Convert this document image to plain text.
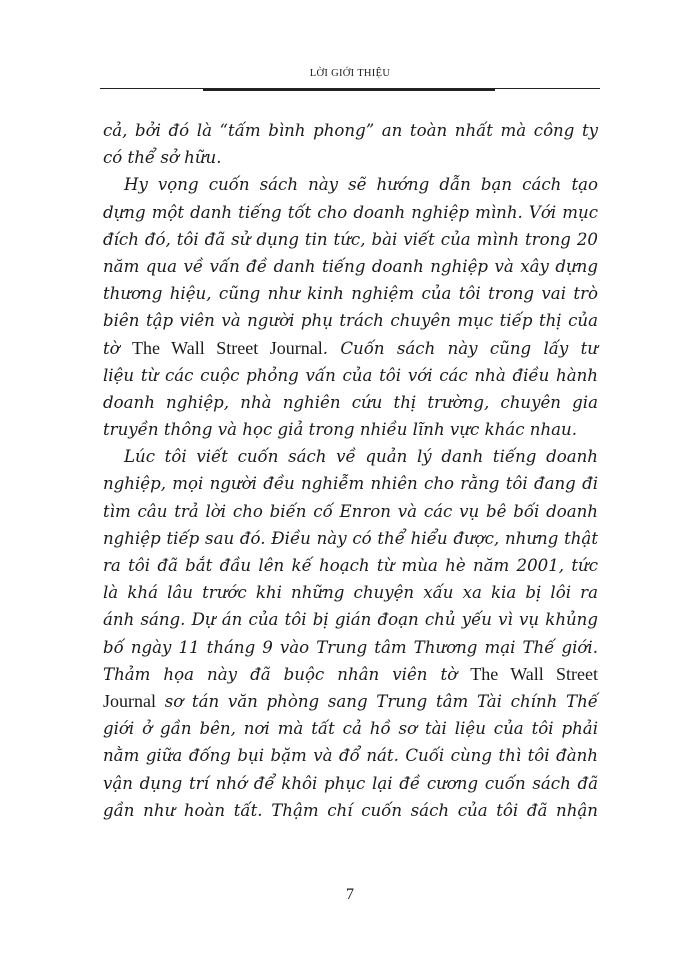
LỜI GIỚI THIỆU
cả, bởi đó là “tấm bình phong” an toàn nhất mà công ty
có thể sở hữu.
Hy vọng cuốn sách này sẽ hướng dẫn bạn cách tạo
dựng một danh tiếng tốt cho doanh nghiệp mình. Với mục
đích đó, tôi đã sử dụng tin tức, bài viết của mình trong 20
năm qua về vấn đề danh tiếng doanh nghiệp và xây dựng
thương hiệu, cũng như kinh nghiệm của tôi trong vai trò
biên tập viên và người phụ trách chuyên mục tiếp thị của
tờ The Wall Street Journal. Cuốn sách này cũng lấy tư
liệu từ các cuộc phỏng vấn của tôi với các nhà điều hành
doanh nghiệp, nhà nghiên cứu thị trường, chuyên gia
truyền thông và học giả trong nhiều lĩnh vực khác nhau.
Lúc tôi viết cuốn sách về quản lý danh tiếng doanh
nghiệp, mọi người đều nghiễm nhiên cho rằng tôi đang đi
tìm câu trả lời cho biến cố Enron và các vụ bê bối doanh
nghiệp tiếp sau đó. Điều này có thể hiểu được, nhưng thật
ra tôi đã bắt đầu lên kế hoạch từ mùa hè năm 2001, tức
là khá lâu trước khi những chuyện xấu xa kia bị lôi ra
ánh sáng. Dự án của tôi bị gián đoạn chủ yếu vì vụ khủng
bố ngày 11 tháng 9 vào Trung tâm Thương mại Thế giới.
Thảm họa này đã buộc nhân viên tờ The Wall Street
Journal sơ tán văn phòng sang Trung tâm Tài chính Thế
giới ở gần bên, nơi mà tất cả hồ sơ tài liệu của tôi phải
nằm giữa đống bụi bặm và đổ nát. Cuối cùng thì tôi đành
vận dụng trí nhớ để khôi phục lại đề cương cuốn sách đã
gần như hoàn tất. Thậm chí cuốn sách của tôi đã nhận
7
